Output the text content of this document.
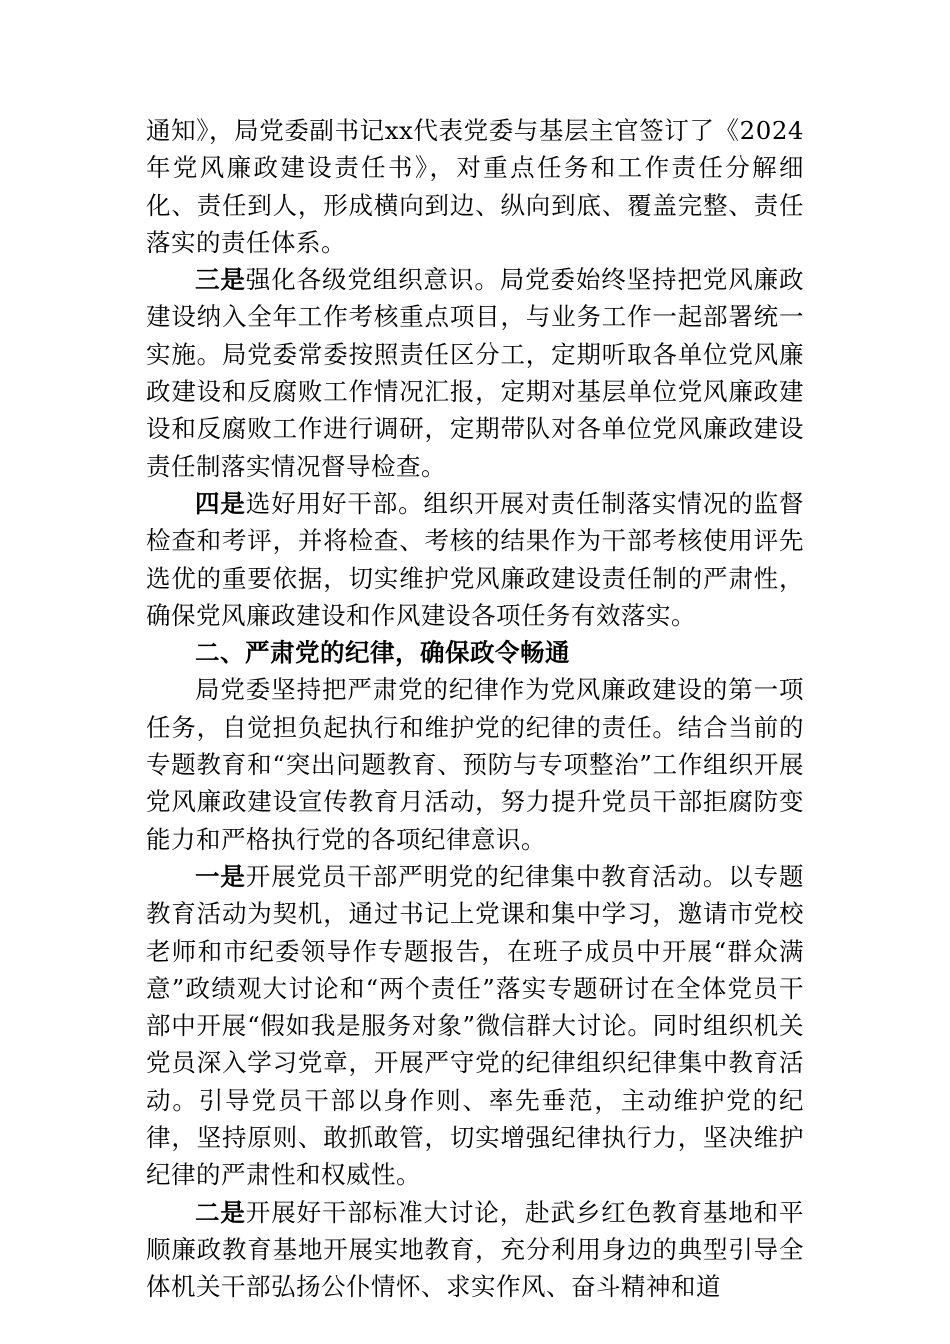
通知》，局党委副书记xx代表党委与基层主官签订了《2024年党风廉政建设责任书》，对重点任务和工作责任分解细化、责任到人，形成横向到边、纵向到底、覆盖完整、责任落实的责任体系。

三是强化各级党组织意识。局党委始终坚持把党风廉政建设纳入全年工作考核重点项目，与业务工作一起部署统一实施。局党委常委按照责任区分工，定期听取各单位党风廉政建设和反腐败工作情况汇报，定期对基层单位党风廉政建设和反腐败工作进行调研，定期带队对各单位党风廉政建设责任制落实情况督导检查。

四是选好用好干部。组织开展对责任制落实情况的监督检查和考评，并将检查、考核的结果作为干部考核使用评先选优的重要依据，切实维护党风廉政建设责任制的严肃性，确保党风廉政建设和作风建设各项任务有效落实。

二、严肃党的纪律，确保政令畅通

局党委坚持把严肃党的纪律作为党风廉政建设的第一项任务，自觉担负起执行和维护党的纪律的责任。结合当前的专题教育和“突出问题教育、预防与专项整治”工作组织开展党风廉政建设宣传教育月活动，努力提升党员干部拒腐防变能力和严格执行党的各项纪律意识。

一是开展党员干部严明党的纪律集中教育活动。以专题教育活动为契机，通过书记上党课和集中学习，邀请市党校老师和市纪委领导作专题报告，在班子成员中开展“群众满意”政绩观大讨论和“两个责任”落实专题研讨在全体党员干部中开展“假如我是服务对象”微信群大讨论。同时组织机关党员深入学习党章，开展严守党的纪律组织纪律集中教育活动。引导党员干部以身作则、率先垂范，主动维护党的纪律，坚持原则、敢抓敢管，切实增强纪律执行力，坚决维护纪律的严肃性和权威性。

二是开展好干部标准大讨论，赴武乡红色教育基地和平顺廉政教育基地开展实地教育，充分利用身边的典型引导全体机关干部弘扬公仆情怀、求实作风、奋斗精神和道
